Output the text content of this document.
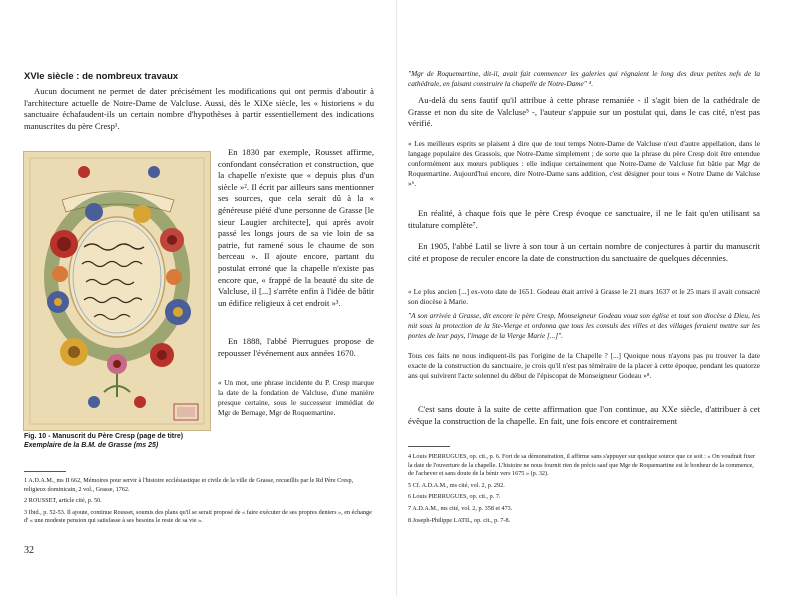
XVIe siècle : de nombreux travaux

Aucun document ne permet de dater précisément les modifications qui ont permis d'aboutir à l'architecture actuelle de Notre-Dame de Valcluse. Aussi, dès le XIXe siècle, les « historiens » du sanctuaire échafaudent-ils un certain nombre d'hypothèses à partir essentiellement des indications manuscrites du père Cresp¹.

En 1830 par exemple, Rousset affirme, confondant consécration et construction, que la chapelle n'existe que « depuis plus d'un siècle »². Il écrit par ailleurs sans mentionner ses sources, que cela serait dû à la « généreuse piété d'une personne de Grasse [le sieur Laugier architecte], qui après avoir passé les longs jours de sa vie loin de sa patrie, fut ramené sous le chaume de son berceau ». Il ajoute encore, partant du postulat erroné que la chapelle n'existe pas encore que, « frappé de la beauté du site de Valcluse, il [...] s'arrête enfin à l'idée de bâtir un édifice religieux à cet endroit »³.

En 1888, l'abbé Pierrugues propose de repousser l'événement aux années 1670.

« Un mot, une phrase incidente du P. Cresp marque la date de la fondation de Valcluse, d'une manière presque certaine, sous le successeur immédiat de Mgr de Bernage, Mgr de Roquemartine.

Fig. 10 - Manuscrit du Père Cresp (page de titre)
Exemplaire de la B.M. de Grasse (ms 25)

1 A.D.A.M., ms II 662, Mémoires pour servir à l'histoire ecclésiastique et civile de la ville de Grasse, recueillis par le Rd Père Cresp, religieux dominicain, 2 vol., Grasse, 1762.

2 ROUSSET, article cité, p. 50.

3 Ibid., p. 52-53. Il ajoute, continue Rousset, soumis des plans qu'il se serait proposé de « faire exécuter de ses propres deniers », en échange d' « une modeste pension qui satisfasse à ses besoins le reste de sa vie ».

32

"Mgr de Roquemartine, dit-il, avait fait commencer les galeries qui règnaient le long des deux petites nefs de la cathédrale, en faisant construire la chapelle de Notre-Dame" ⁴.

Au-delà du sens fautif qu'il attribue à cette phrase remaniée - il s'agit bien de la cathédrale de Grasse et non du site de Valcluse⁵ -, l'auteur s'appuie sur un postulat qui, dans le cas cité, n'est pas vérifié.

« Les meilleurs esprits se plaisent à dire que de tout temps Notre-Dame de Valcluse n'eut d'autre appellation, dans le langage populaire des Grassois, que Notre-Dame simplement ; de sorte que la phrase du père Cresp doit être entendue conformément aux mœurs publiques : elle indique certainement que Notre-Dame de Valcluse fut bâtie par Mgr de Roquemartine. Aujourd'hui encore, dire Notre-Dame sans addition, c'est désigner pour tous « Notre Dame de Valcluse »⁶.

En réalité, à chaque fois que le père Cresp évoque ce sanctuaire, il ne le fait qu'en utilisant sa titulature complète⁷.

En 1905, l'abbé Latil se livre à son tour à un certain nombre de conjectures à partir du manuscrit cité et propose de reculer encore la date de construction du sanctuaire de quelques décennies.

« Le plus ancien [...] ex-voto date de 1651. Godeau était arrivé à Grasse le 21 mars 1637 et le 25 mars il avait consacré son diocèse à Marie.

"A son arrivée à Grasse, dit encore le père Cresp, Monseigneur Godeau voua son église et tout son diocèse à Dieu, les mit sous la protection de la Ste-Vierge et ordonna que tous les consuls des villes et des villages feraient mettre sur les portes de leur pays, l'image de la Vierge Marie [...]".

Tous ces faits ne nous indiquent-ils pas l'origine de la Chapelle ? [...] Quoique nous n'ayons pas pu trouver la date exacte de la construction du sanctuaire, je crois qu'il n'est pas téméraire de la placer à cette époque, pendant les quatorze ans qui suivirent l'acte solennel du début de l'épiscopat de Monseigneur Godeau »⁸.

C'est sans doute à la suite de cette affirmation que l'on continue, au XXe siècle, d'attribuer à cet évêque la construction de la chapelle. En fait, une fois encore et contrairement

4 Louis PIERRUGUES, op. cit., p. 6. Fort de sa démonstration, il affirme sans s'appuyer sur quelque source que ce soit : « On voudrait fixer la date de l'ouverture de la chapelle. L'histoire ne nous fournit rien de précis sauf que Mgr de Roquemartine est le bonheur de la commence, de l'achever et sans doute de la bénir vers 1675 » (p. 32).

5 Cf. A.D.A.M., ms cité, vol. 2, p. 292.

6 Louis PIERRUGUES, op. cit., p. 7.

7 A.D.A.M., ms cité, vol. 2, p. 358 et 473.

8 Joseph-Philippe LATIL, op. cit., p. 7-8.
